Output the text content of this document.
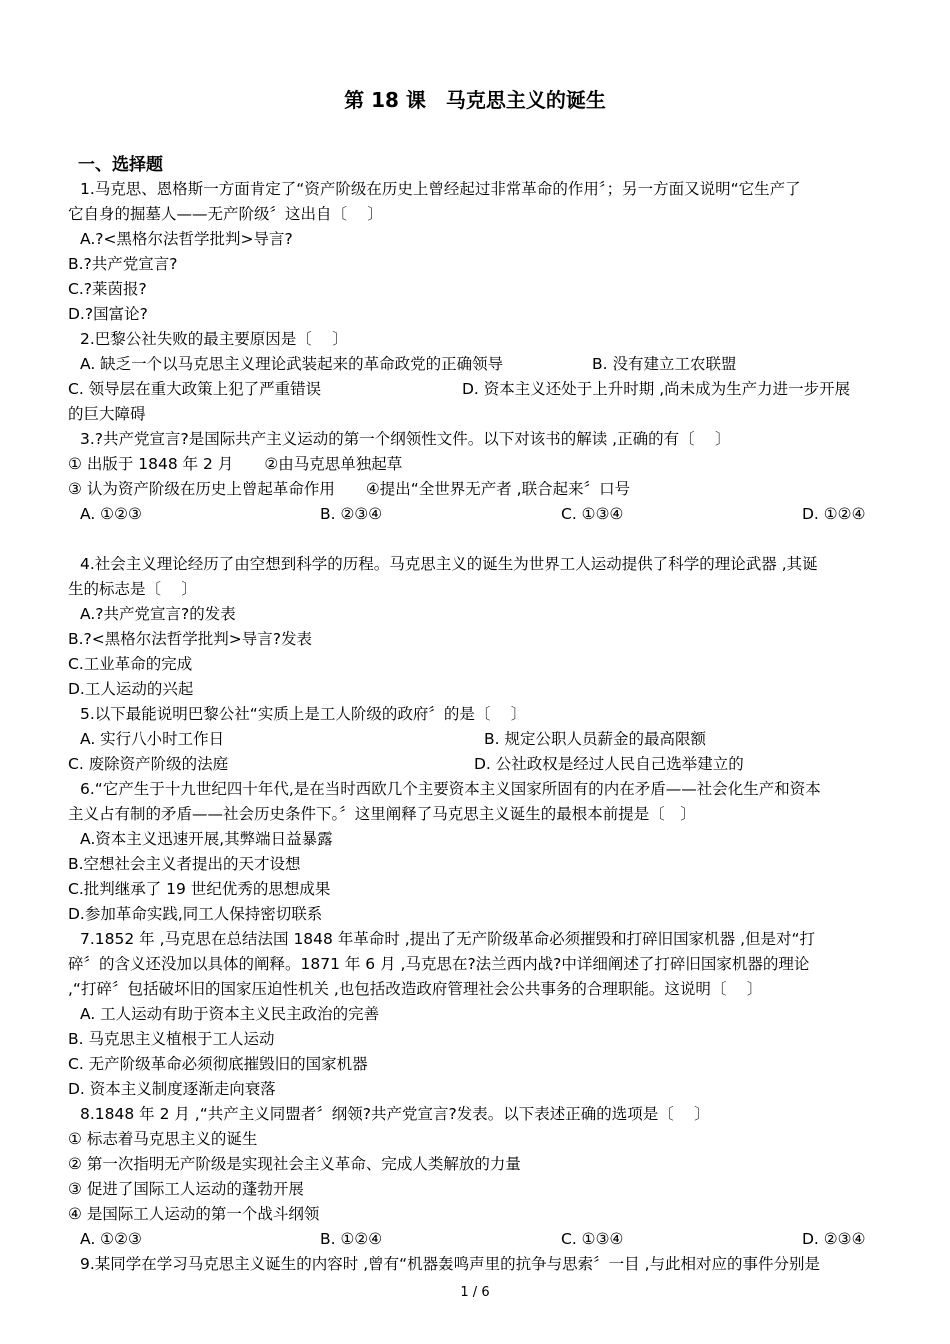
第 18 课　马克思主义的诞生
一、选择题
1.马克思、恩格斯一方面肯定了“资产阶级在历史上曾经起过非常革命的作用〞；另一方面又说明“它生产了
它自身的掘墓人——无产阶级〞这出自〔　 〕
A.?<黑格尔法哲学批判>导言?
B.?共产党宣言?
C.?莱茵报?
D.?国富论?
2.巴黎公社失败的最主要原因是〔　 〕
A. 缺乏一个以马克思主义理论武装起来的革命政党的正确领导	B. 没有建立工农联盟
C. 领导层在重大政策上犯了严重错误	D. 资本主义还处于上升时期 ,尚未成为生产力进一步开展
的巨大障碍
3.?共产党宣言?是国际共产主义运动的第一个纲领性文件。以下对该书的解读 ,正确的有〔　 〕
① 出版于 1848 年 2 月　　②由马克思单独起草
③ 认为资产阶级在历史上曾起革命作用　　④提出“全世界无产者 ,联合起来〞口号
4.社会主义理论经历了由空想到科学的历程。马克思主义的诞生为世界工人运动提供了科学的理论武器 ,其诞
生的标志是〔　 〕
A.?共产党宣言?的发表
B.?<黑格尔法哲学批判>导言?发表
C.工业革命的完成
D.工人运动的兴起
5.以下最能说明巴黎公社“实质上是工人阶级的政府〞的是〔　 〕
A. 实行八小时工作日	B. 规定公职人员薪金的最高限额
C. 废除资产阶级的法庭	D. 公社政权是经过人民自己选举建立的
6.“它产生于十九世纪四十年代,是在当时西欧几个主要资本主义国家所固有的内在矛盾——社会化生产和资本
主义占有制的矛盾——社会历史条件下。〞这里阐释了马克思主义诞生的最根本前提是〔　〕
A.资本主义迅速开展,其弊端日益暴露
B.空想社会主义者提出的天才设想
C.批判继承了 19 世纪优秀的思想成果
D.参加革命实践,同工人保持密切联系
7.1852 年 ,马克思在总结法国 1848 年革命时 ,提出了无产阶级革命必须摧毁和打碎旧国家机器 ,但是对“打
碎〞的含义还没加以具体的阐释。1871 年 6 月 ,马克思在?法兰西内战?中详细阐述了打碎旧国家机器的理论
,“打碎〞包括破坏旧的国家压迫性机关 ,也包括改造政府管理社会公共事务的合理职能。这说明〔　 〕
A. 工人运动有助于资本主义民主政治的完善
B. 马克思主义植根于工人运动
C. 无产阶级革命必须彻底摧毁旧的国家机器
D. 资本主义制度逐渐走向衰落
8.1848 年 2 月 ,“共产主义同盟者〞纲领?共产党宣言?发表。以下表述正确的选项是〔　 〕
① 标志着马克思主义的诞生
② 第一次指明无产阶级是实现社会主义革命、完成人类解放的力量
③ 促进了国际工人运动的蓬勃开展
④ 是国际工人运动的第一个战斗纲领
9.某同学在学习马克思主义诞生的内容时 ,曾有“机器轰鸣声里的抗争与思索〞一目 ,与此相对应的事件分别是
A. ①②③	B. ②③④	C. ①③④	D. ①②④
A. ①②③	B. ①②④	C. ①③④	D. ②③④
1 / 6
